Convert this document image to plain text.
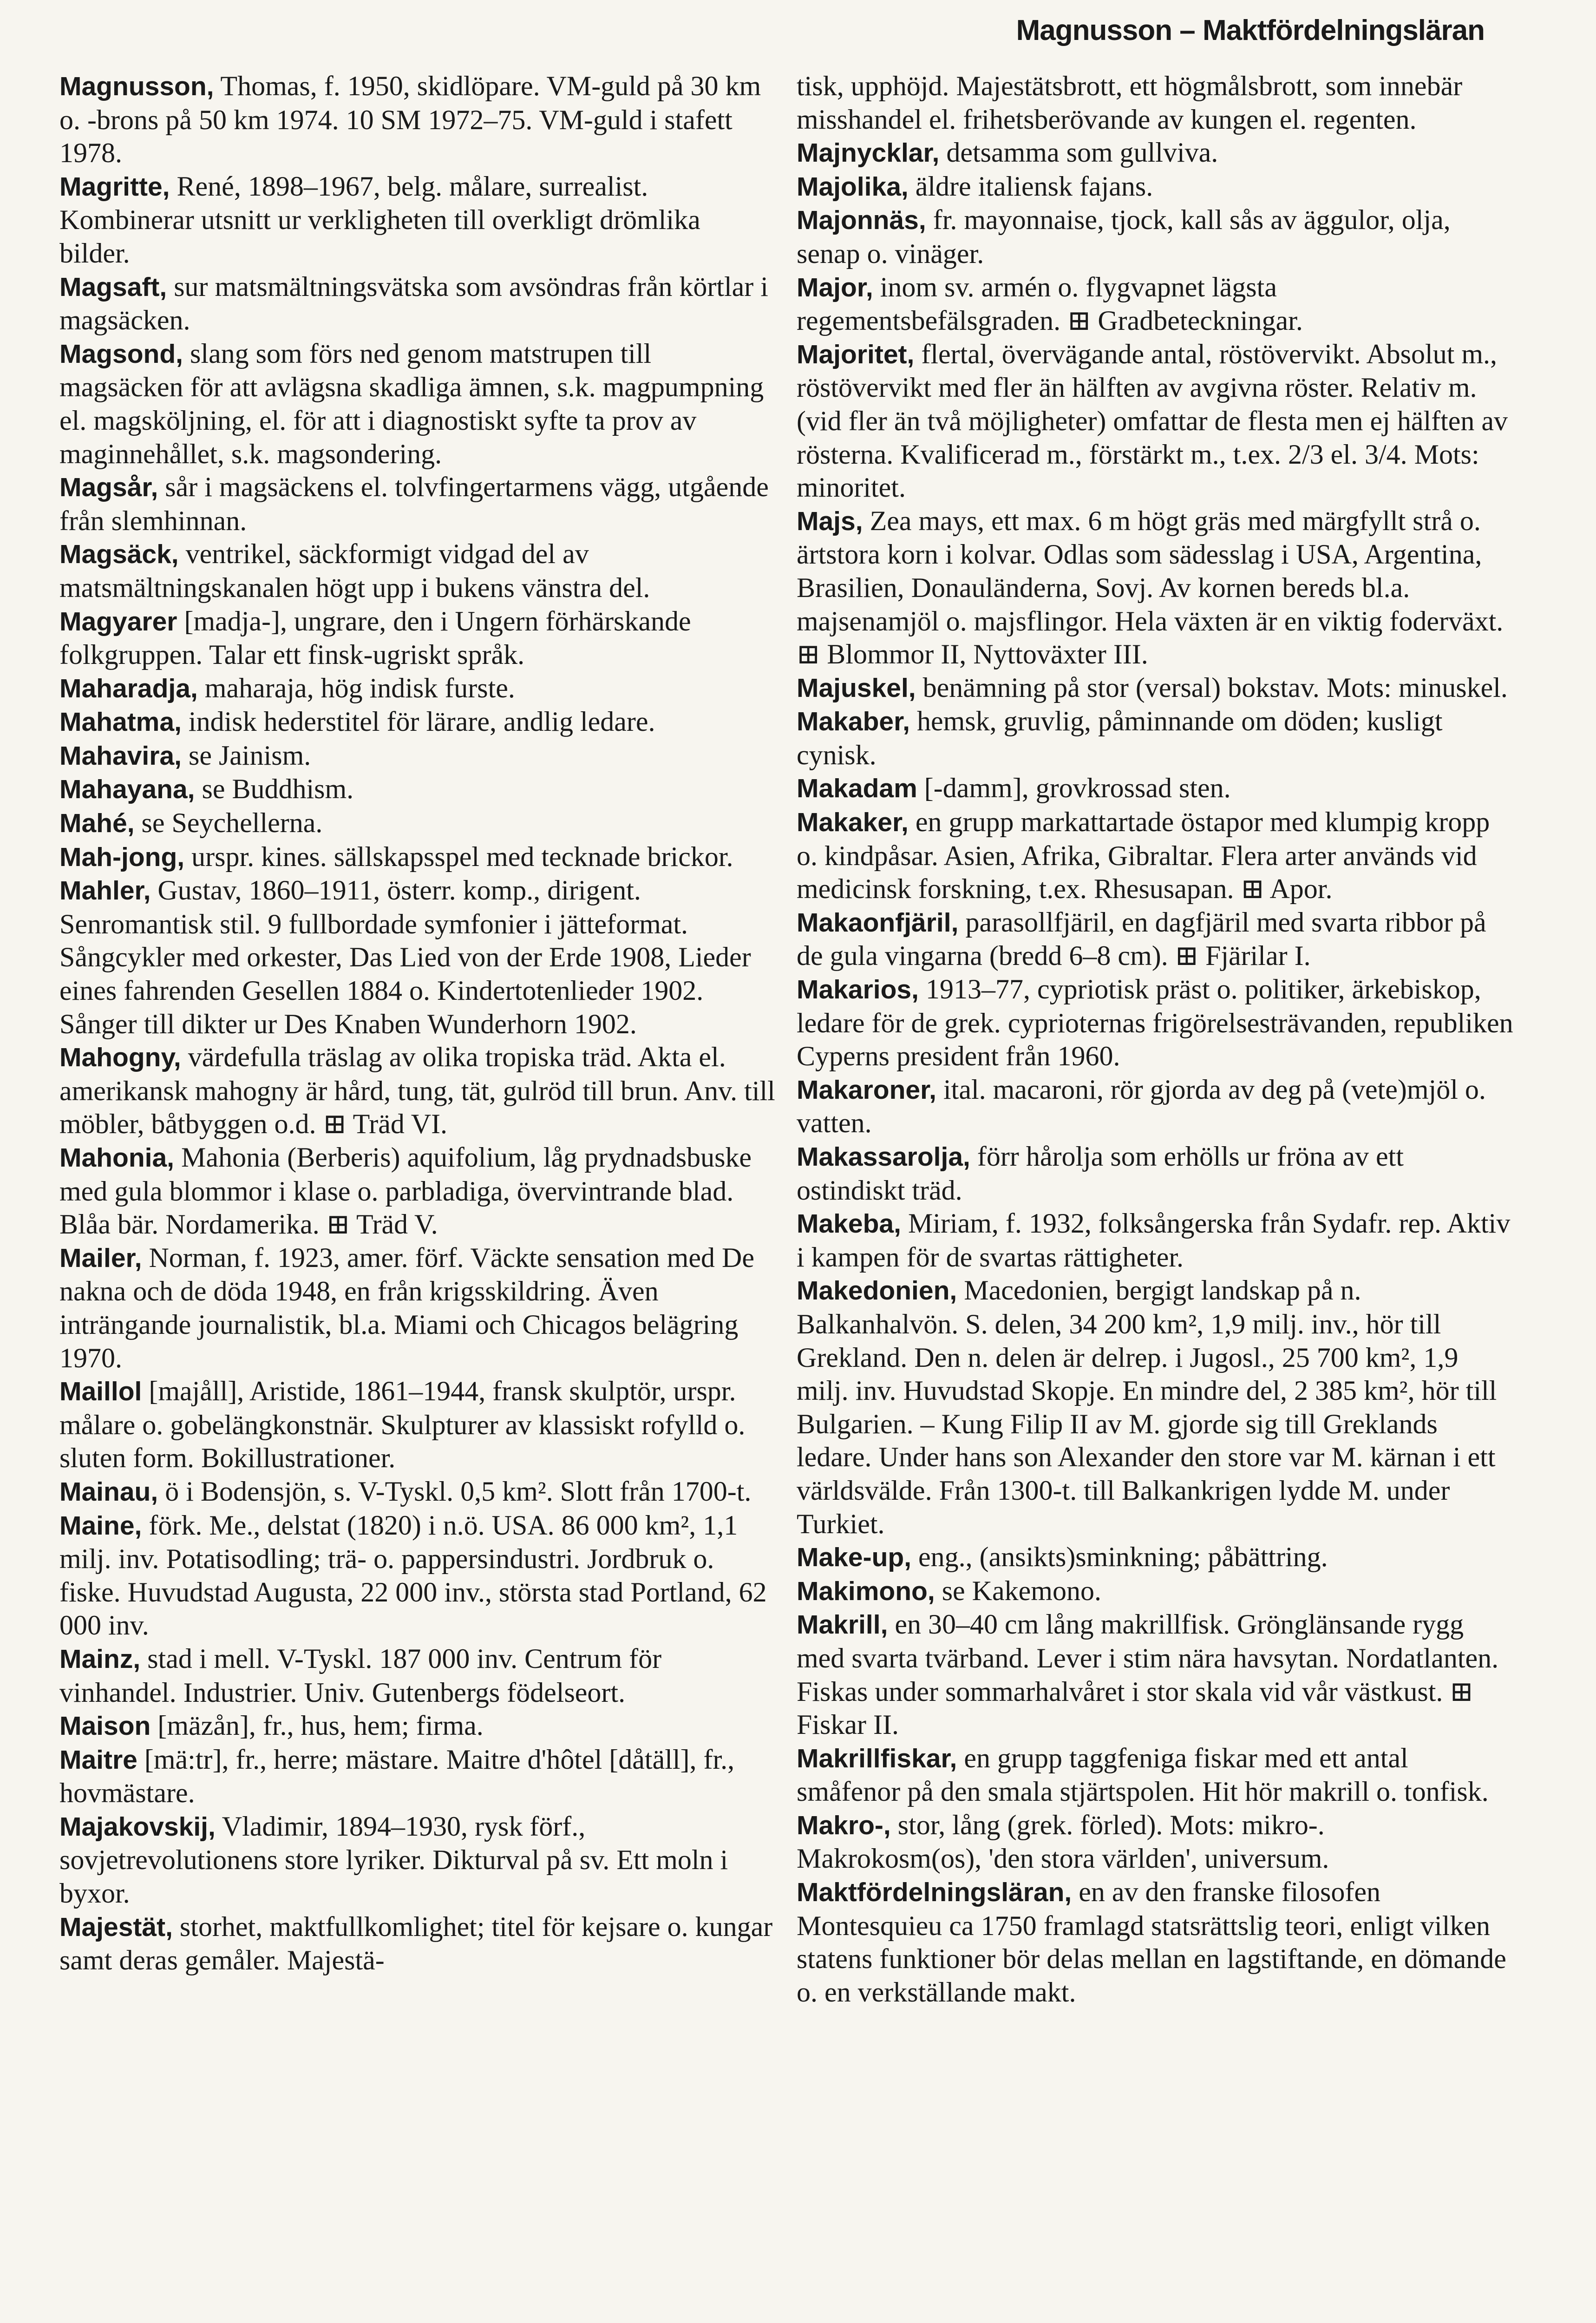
Magnusson – Maktfördelningsläran

Magnusson, Thomas, f. 1950, skidlöpare. VM-guld på 30 km o. -brons på 50 km 1974. 10 SM 1972–75. VM-guld i stafett 1978.

Magritte, René, 1898–1967, belg. målare, surrealist. Kombinerar utsnitt ur verkligheten till overkligt drömlika bilder.

Magsaft, sur matsmältningsvätska som avsöndras från körtlar i magsäcken.

Magsond, slang som förs ned genom matstrupen till magsäcken för att avlägsna skadliga ämnen, s.k. magpumpning el. magsköljning, el. för att i diagnostiskt syfte ta prov av maginnehållet, s.k. magsondering.

Magsår, sår i magsäckens el. tolvfingertarmens vägg, utgående från slemhinnan.

Magsäck, ventrikel, säckformigt vidgad del av matsmältningskanalen högt upp i bukens vänstra del.

Magyarer [madja-], ungrare, den i Ungern förhärskande folkgruppen. Talar ett finsk-ugriskt språk.

Maharadja, maharaja, hög indisk furste.

Mahatma, indisk hederstitel för lärare, andlig ledare.

Mahavira, se Jainism.

Mahayana, se Buddhism.

Mahé, se Seychellerna.

Mah-jong, urspr. kines. sällskapsspel med tecknade brickor.

Mahler, Gustav, 1860–1911, österr. komp., dirigent. Senromantisk stil. 9 fullbordade symfonier i jätteformat. Sångcykler med orkester, Das Lied von der Erde 1908, Lieder eines fahrenden Gesellen 1884 o. Kindertotenlieder 1902. Sånger till dikter ur Des Knaben Wunderhorn 1902.

Mahogny, värdefulla träslag av olika tropiska träd. Akta el. amerikansk mahogny är hård, tung, tät, gulröd till brun. Anv. till möbler, båtbyggen o.d. ⊞ Träd VI.

Mahonia, Mahonia (Berberis) aquifolium, låg prydnadsbuske med gula blommor i klase o. parbladiga, övervintrande blad. Blåa bär. Nordamerika. ⊞ Träd V.

Mailer, Norman, f. 1923, amer. förf. Väckte sensation med De nakna och de döda 1948, en från krigsskildring. Även inträngande journalistik, bl.a. Miami och Chicagos belägring 1970.

Maillol [majåll], Aristide, 1861–1944, fransk skulptör, urspr. målare o. gobelängkonstnär. Skulpturer av klassiskt rofylld o. sluten form. Bokillustrationer.

Mainau, ö i Bodensjön, s. V-Tyskl. 0,5 km². Slott från 1700-t.

Maine, förk. Me., delstat (1820) i n.ö. USA. 86 000 km², 1,1 milj. inv. Potatisodling; trä- o. pappersindustri. Jordbruk o. fiske. Huvudstad Augusta, 22 000 inv., största stad Portland, 62 000 inv.

Mainz, stad i mell. V-Tyskl. 187 000 inv. Centrum för vinhandel. Industrier. Univ. Gutenbergs födelseort.

Maison [mäzån], fr., hus, hem; firma.

Maitre [mä:tr], fr., herre; mästare. Maitre d'hôtel [dåtäll], fr., hovmästare.

Majakovskij, Vladimir, 1894–1930, rysk förf., sovjetrevolutionens store lyriker. Dikturval på sv. Ett moln i byxor.

Majestät, storhet, maktfullkomlighet; titel för kejsare o. kungar samt deras gemåler. Majestä-

tisk, upphöjd. Majestätsbrott, ett högmålsbrott, som innebär misshandel el. frihetsberövande av kungen el. regenten.

Majnycklar, detsamma som gullviva.

Majolika, äldre italiensk fajans.

Majonnäs, fr. mayonnaise, tjock, kall sås av äggulor, olja, senap o. vinäger.

Major, inom sv. armén o. flygvapnet lägsta regementsbefälsgraden. ⊞ Gradbeteckningar.

Majoritet, flertal, övervägande antal, röstövervikt. Absolut m., röstövervikt med fler än hälften av avgivna röster. Relativ m. (vid fler än två möjligheter) omfattar de flesta men ej hälften av rösterna. Kvalificerad m., förstärkt m., t.ex. 2/3 el. 3/4. Mots: minoritet.

Majs, Zea mays, ett max. 6 m högt gräs med märgfyllt strå o. ärtstora korn i kolvar. Odlas som sädesslag i USA, Argentina, Brasilien, Donauländerna, Sovj. Av kornen bereds bl.a. majsenamjöl o. majsflingor. Hela växten är en viktig foderväxt. ⊞ Blommor II, Nyttoväxter III.

Majuskel, benämning på stor (versal) bokstav. Mots: minuskel.

Makaber, hemsk, gruvlig, påminnande om döden; kusligt cynisk.

Makadam [-damm], grovkrossad sten.

Makaker, en grupp markattartade östapor med klumpig kropp o. kindpåsar. Asien, Afrika, Gibraltar. Flera arter används vid medicinsk forskning, t.ex. Rhesusapan. ⊞ Apor.

Makaonfjäril, parasollfjäril, en dagfjäril med svarta ribbor på de gula vingarna (bredd 6–8 cm). ⊞ Fjärilar I.

Makarios, 1913–77, cypriotisk präst o. politiker, ärkebiskop, ledare för de grek. cyprioternas frigörelsesträvanden, republiken Cyperns president från 1960.

Makaroner, ital. macaroni, rör gjorda av deg på (vete)mjöl o. vatten.

Makassarolja, förr hårolja som erhölls ur fröna av ett ostindiskt träd.

Makeba, Miriam, f. 1932, folksångerska från Sydafr. rep. Aktiv i kampen för de svartas rättigheter.

Makedonien, Macedonien, bergigt landskap på n. Balkanhalvön. S. delen, 34 200 km², 1,9 milj. inv., hör till Grekland. Den n. delen är delrep. i Jugosl., 25 700 km², 1,9 milj. inv. Huvudstad Skopje. En mindre del, 2 385 km², hör till Bulgarien. – Kung Filip II av M. gjorde sig till Greklands ledare. Under hans son Alexander den store var M. kärnan i ett världsvälde. Från 1300-t. till Balkankrigen lydde M. under Turkiet.

Make-up, eng., (ansikts)sminkning; påbättring.

Makimono, se Kakemono.

Makrill, en 30–40 cm lång makrillfisk. Grönglänsande rygg med svarta tvärband. Lever i stim nära havsytan. Nordatlanten. Fiskas under sommarhalvåret i stor skala vid vår västkust. ⊞ Fiskar II.

Makrillfiskar, en grupp taggfeniga fiskar med ett antal småfenor på den smala stjärtspolen. Hit hör makrill o. tonfisk.

Makro-, stor, lång (grek. förled). Mots: mikro-. Makrokosm(os), 'den stora världen', universum.

Maktfördelningsläran, en av den franske filosofen Montesquieu ca 1750 framlagd statsrättslig teori, enligt vilken statens funktioner bör delas mellan en lagstiftande, en dömande o. en verkställande makt.
